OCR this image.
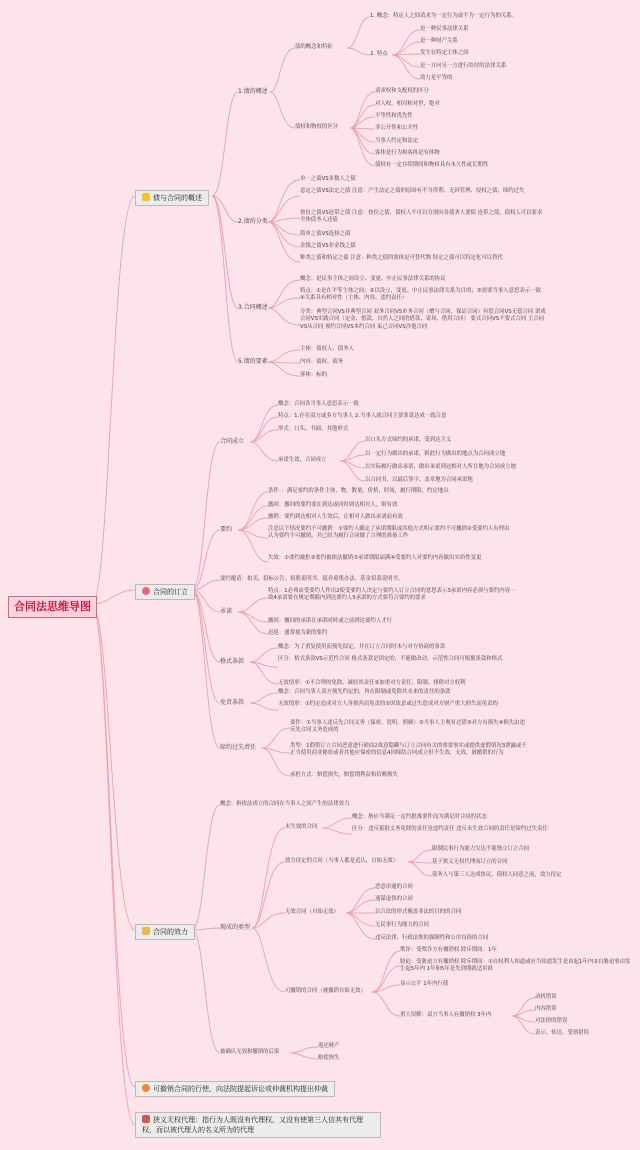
合同法思维导图
债与合同的概述
1.债的概述
债的概念和特征
1. 概念：特定人之间请求为一定行为或不为一定行为的关系。
2. 特点
是一种民事法律关系
是一种财产关系
发生在特定主体之间
是一方向另一方进行给付的法律关系
效力是平等的
债权和物权的区分
请求权和支配权的区分
对人权，相对和对世，绝对
平等性和优先性
非公开性和公开性
当事人约定和法定
客体是行为和客体是有体物
债权有一定存续期间和物权具有永久性或长期性
2.债的分类
单一之债VS多数人之债
意定之债VS法定之债 注意：产生法定之债的原因有不当得利、无因管理、侵权之债、缔约过失
按份之债VS连带之债 注意：按份之债，债权人不可以分别向各债务人要债 连带之债，债权人可以要求全体债务人还债
简单之债VS选择之债
金钱之债VS非金钱之债
种类之债和特定之债 注意：种类之债的客体是可替代物 特定之债可以特定化可以替代
3.合同概述
概念：是民事主体之间设立、变更、中止民事法律关系的协议
特点：①是在平等主体之间；②以设立、变更、中止民事法律关系为目的；③需要当事人意思表示一致④关系具有相对性（主体、内容、违约责任）
分类：典型合同VS非典型合同 双务合同VS单务合同（赠与合同、保证合同）有偿合同VS无偿合同 诺成合同VS实践合同（定金、借款、自然人之间的借款、寄场、借用合同） 要式合同VS不要式合同 主合同VS从合同 预约合同VS本约合同 束己合同VS涉他合同
5.债的要素
主体：债权人、债务人
内容：债权、债务
客体：标的
合同的订立
合同成立
概念：合同各当事人意思表示一致
特点：1.存在双方或多方当事人 2.当事人就合同主要条款达成一致合意
形式：口头、书面、其他形式
承诺生效，合同成立
以口头方式缔约的承诺，受到达主义
以一定行为做出的承诺，则此行为做出的地点为合同成立地
以实际履行做出承诺，做出承诺到达相对人所在地为合同成立地
以合同书，以最后签字、盖章地为合同承诺地
要约
条件：：满足要约的条件主体，物，数量，价格，时间，履行期限，约定地点
撤回：撤回的要约要在到达或同时到达相对人，则有效
撤销：要约到达相对人生效后，在相对人做出承诺前有效
注意以下情况要约不可撤销：①要约人确定了承诺期限或其他方式明示要约不可撤销②受要约人有理由认为要约不可撤销，并已经为履行合同做了合理的准备工作
失效：①要约被拒②要约被依法撤销③承诺期限届满④受要约人对要约内容做出实质性变更
要约邀请：拍卖，招标公告；招股说明书、债券募集办法、基金招募说明书。
承诺
特点：1必须由受要约人作出2使受要约人决定与要约人订立合同的意思表示3承诺内容必须与要约内容一致4承诺要在规定期限内到达要约人5承诺的方式要符合要约的要求
撤回：撤回的承诺在承诺同时或之前到达要约人才行
迟延：通常视为新的要约
格式条款
概念：为了重复使用而预先拟定，并在订立合同时未与对方协商的条款
区分：格式条款VS示范性合同 格式条款是固定的、不能做改动。示范性合同可根据条款和格式
无效情形：①不合理的免除、减轻其责任②加重对方责任、限制、排除对方权利
免责条款
概念：合同当事人双方预先约定的，旨在限制或免除其未来的责任的条款
无效情形：①约定造成对方人身损害而免责的②因故意或过失造成对方财产重大损失而免责的
缔约过失责任
要件：①当事人违反先合同义务（保密、说明、照顾）②当事人主观有过错③对方有损失④损失由违反先合同义务造成的
类型：1假借订立合同恶意进行磋商2故意隐瞒与订立合同有关的重要事实或提供虚假情况3泄露或不正当使用商业秘密或者其他应保密的信息4因缔结合同成立但不生效、无效、被撤销的行为
承担方式：赔偿损失，赔偿期利益和信赖损失
合同的效力
概念：指依法成立的合同在当事人之间产生的法律效力
现成的类型
未生效的合同
概念：指应当满足一定约批准要件而为满足时合同的状态
区分：违反报批义务免除的责任是违约责任 违反未生效合同的责任是缔约过失责任
效力待定的合同（当事人都是追认，自始无效）
限制民事行为能力欠达不能独立订立合同
基于狭义无权代理而订立的合同
债务人与第三人达成协议，债权人同意之前，效力待定
无效合同（自始无效）
恶意串通的合同
通谋虚伪的合同
以合法的形式掩盖非法的目的的合同
无民事行为能力的合同
违反法律、行政法规的强制性和公序良俗的合同
可撤销的合同（被撤销自始无效）
欺诈：受欺诈方有撤销权 除斥期间：1年
胁迫：受胁迫方有撤销权 除斥期间：①自权利人知道或应当知道发生是由起1年内②自胁迫事由发生起5年内 1年和5年是先到期就适用谁
显示公平 1年内行使
重大误解：双方当事人有撤销权 3年内
动机错误
内容错误
对法律的错误
表示、传达、受领错误
被确认无效和撤销的后果
返还财产
赔偿损失
可撤销合同的行使，向法院提起诉讼或仲裁机构提出仲裁
狭义无权代理：指行为人既没有代理权，又没有使第三人信其有代理权，而以被代理人的名义所为的代理
